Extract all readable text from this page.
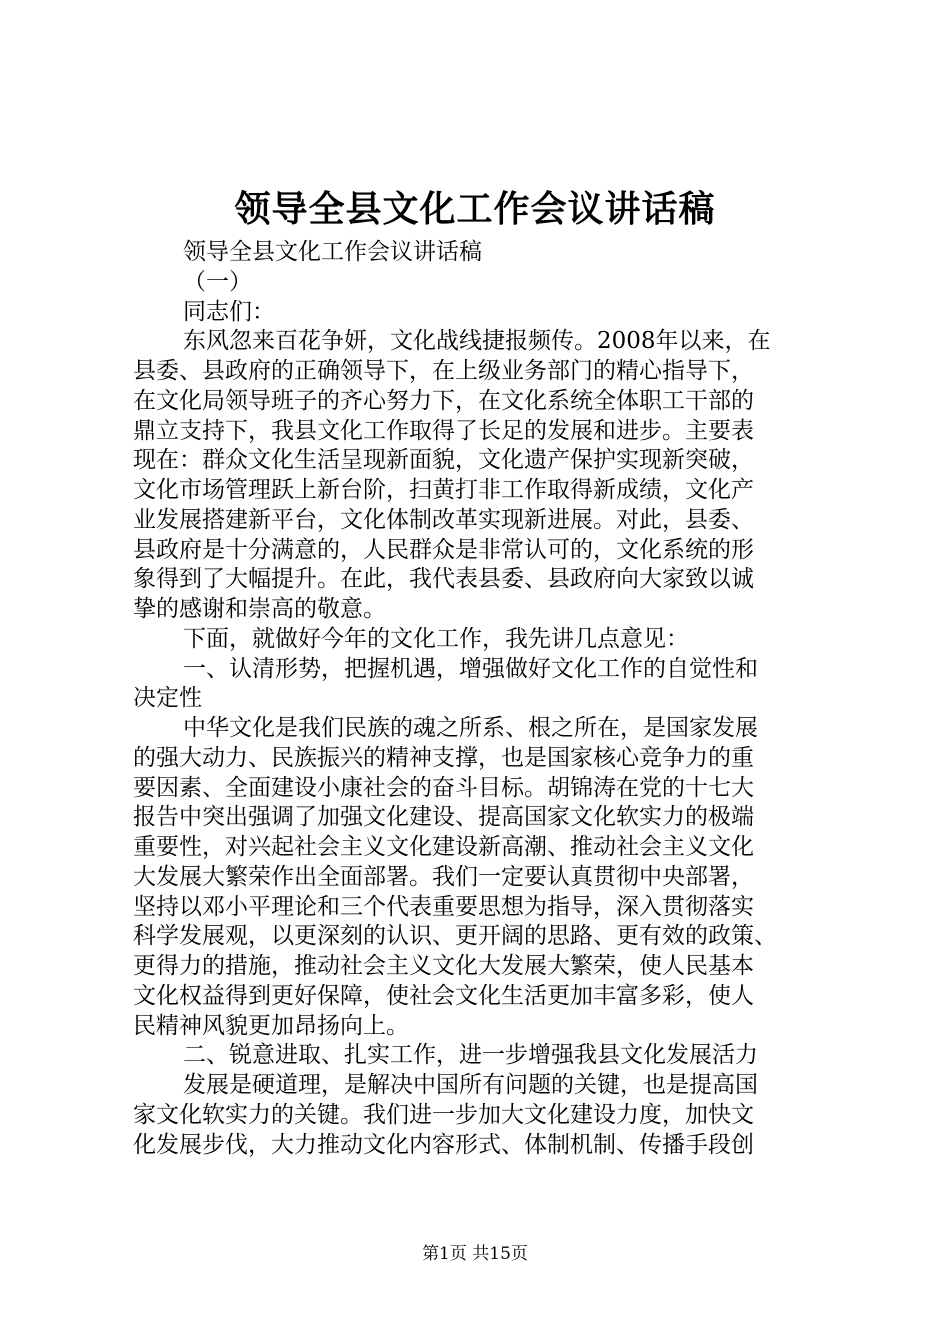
领导全县文化工作会议讲话稿
领导全县文化工作会议讲话稿
（一）
同志们：
东风忽来百花争妍，文化战线捷报频传。2008年以来，在
县委、县政府的正确领导下，在上级业务部门的精心指导下，
在文化局领导班子的齐心努力下，在文化系统全体职工干部的
鼎立支持下，我县文化工作取得了长足的发展和进步。主要表
现在：群众文化生活呈现新面貌，文化遗产保护实现新突破，
文化市场管理跃上新台阶，扫黄打非工作取得新成绩，文化产
业发展搭建新平台，文化体制改革实现新进展。对此，县委、
县政府是十分满意的，人民群众是非常认可的，文化系统的形
象得到了大幅提升。在此，我代表县委、县政府向大家致以诚
挚的感谢和崇高的敬意。
下面，就做好今年的文化工作，我先讲几点意见：
一、认清形势，把握机遇，增强做好文化工作的自觉性和
决定性
中华文化是我们民族的魂之所系、根之所在，是国家发展
的强大动力、民族振兴的精神支撑，也是国家核心竞争力的重
要因素、全面建设小康社会的奋斗目标。胡锦涛在党的十七大
报告中突出强调了加强文化建设、提高国家文化软实力的极端
重要性，对兴起社会主义文化建设新高潮、推动社会主义文化
大发展大繁荣作出全面部署。我们一定要认真贯彻中央部署，
坚持以邓小平理论和三个代表重要思想为指导，深入贯彻落实
科学发展观，以更深刻的认识、更开阔的思路、更有效的政策、
更得力的措施，推动社会主义文化大发展大繁荣，使人民基本
文化权益得到更好保障，使社会文化生活更加丰富多彩，使人
民精神风貌更加昂扬向上。
二、锐意进取、扎实工作，进一步增强我县文化发展活力
发展是硬道理，是解决中国所有问题的关键，也是提高国
家文化软实力的关键。我们进一步加大文化建设力度，加快文
化发展步伐，大力推动文化内容形式、体制机制、传播手段创
第1页 共15页
